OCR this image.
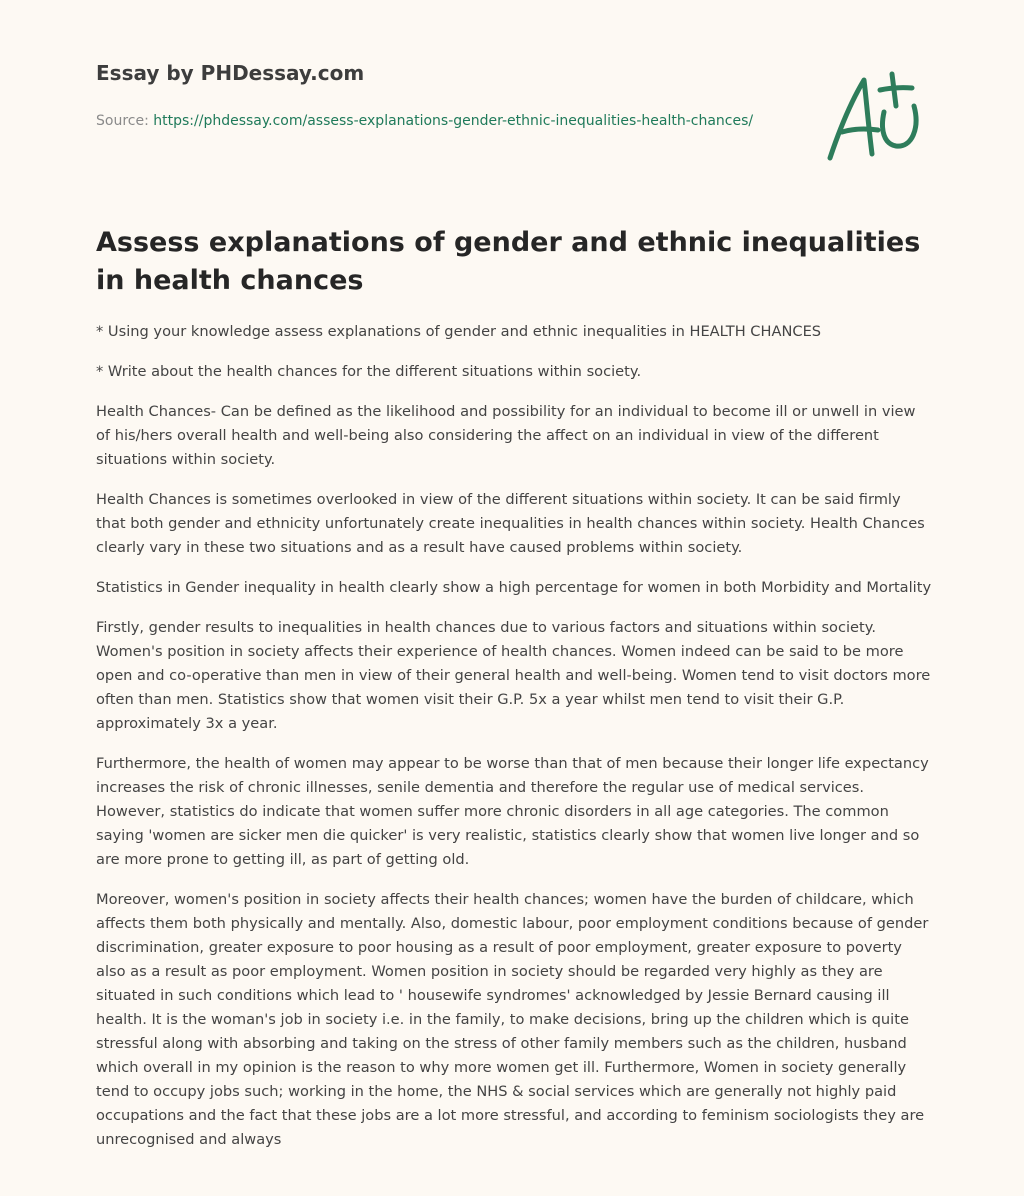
Essay by PHDessay.com
Source: https://phdessay.com/assess-explanations-gender-ethnic-inequalities-health-chances/
Assess explanations of gender and ethnic inequalities in health chances

* Using your knowledge assess explanations of gender and ethnic inequalities in HEALTH CHANCES

* Write about the health chances for the different situations within society.

Health Chances- Can be defined as the likelihood and possibility for an individual to become ill or unwell in view of his/hers overall health and well-being also considering the affect on an individual in view of the different situations within society.

Health Chances is sometimes overlooked in view of the different situations within society. It can be said firmly that both gender and ethnicity unfortunately create inequalities in health chances within society. Health Chances clearly vary in these two situations and as a result have caused problems within society.

Statistics in Gender inequality in health clearly show a high percentage for women in both Morbidity and Mortality

Firstly, gender results to inequalities in health chances due to various factors and situations within society. Women's position in society affects their experience of health chances. Women indeed can be said to be more open and co-operative than men in view of their general health and well-being. Women tend to visit doctors more often than men. Statistics show that women visit their G.P. 5x a year whilst men tend to visit their G.P. approximately 3x a year.

Furthermore, the health of women may appear to be worse than that of men because their longer life expectancy increases the risk of chronic illnesses, senile dementia and therefore the regular use of medical services. However, statistics do indicate that women suffer more chronic disorders in all age categories. The common saying 'women are sicker men die quicker' is very realistic, statistics clearly show that women live longer and so are more prone to getting ill, as part of getting old.

Moreover, women's position in society affects their health chances; women have the burden of childcare, which affects them both physically and mentally. Also, domestic labour, poor employment conditions because of gender discrimination, greater exposure to poor housing as a result of poor employment, greater exposure to poverty also as a result as poor employment. Women position in society should be regarded very highly as they are situated in such conditions which lead to ' housewife syndromes' acknowledged by Jessie Bernard causing ill health. It is the woman's job in society i.e. in the family, to make decisions, bring up the children which is quite stressful along with absorbing and taking on the stress of other family members such as the children, husband which overall in my opinion is the reason to why more women get ill. Furthermore, Women in society generally tend to occupy jobs such; working in the home, the NHS & social services which are generally not highly paid occupations and the fact that these jobs are a lot more stressful, and according to feminism sociologists they are unrecognised and always
